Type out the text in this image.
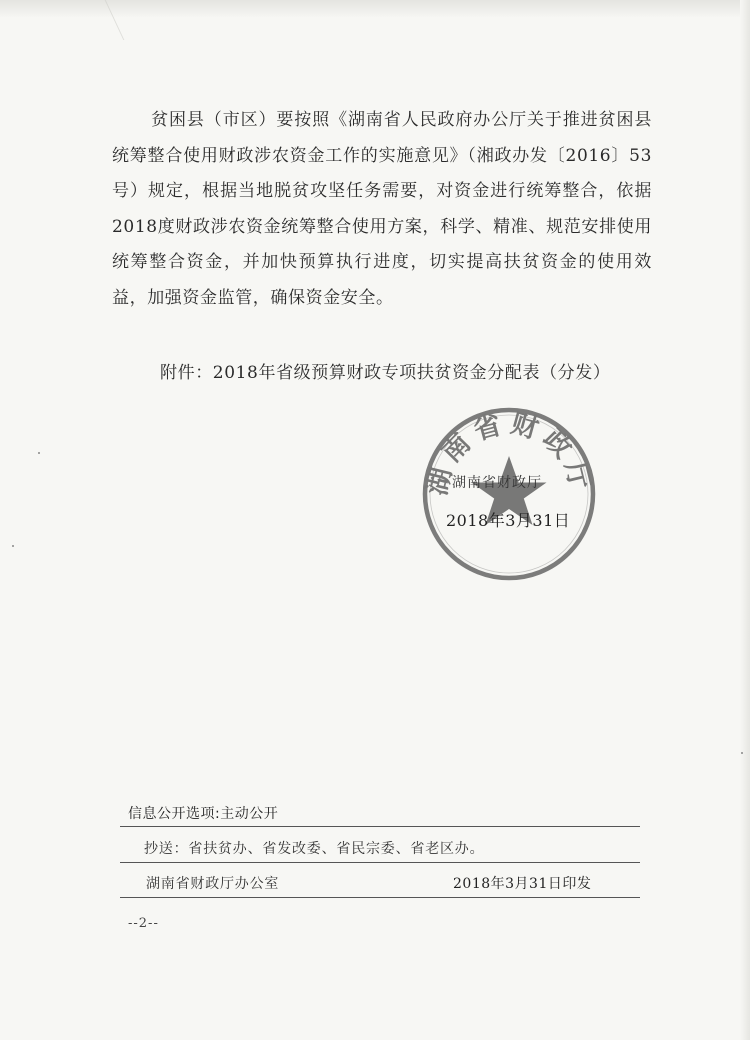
贫困县（市区）要按照《湖南省人民政府办公厅关于推进贫困县统筹整合使用财政涉农资金工作的实施意见》（湘政办发〔2016〕53号）规定，根据当地脱贫攻坚任务需要，对资金进行统筹整合，依据2018度财政涉农资金统筹整合使用方案，科学、精准、规范安排使用统筹整合资金，并加快预算执行进度，切实提高扶贫资金的使用效益，加强资金监管，确保资金安全。

附件：2018年省级预算财政专项扶贫资金分配表（分发）
湖南省财政厅
湖南省财政厅
2018年3月31日
信息公开选项:主动公开
抄送：省扶贫办、省发改委、省民宗委、省老区办。
湖南省财政厅办公室	2018年3月31日印发
--2--
